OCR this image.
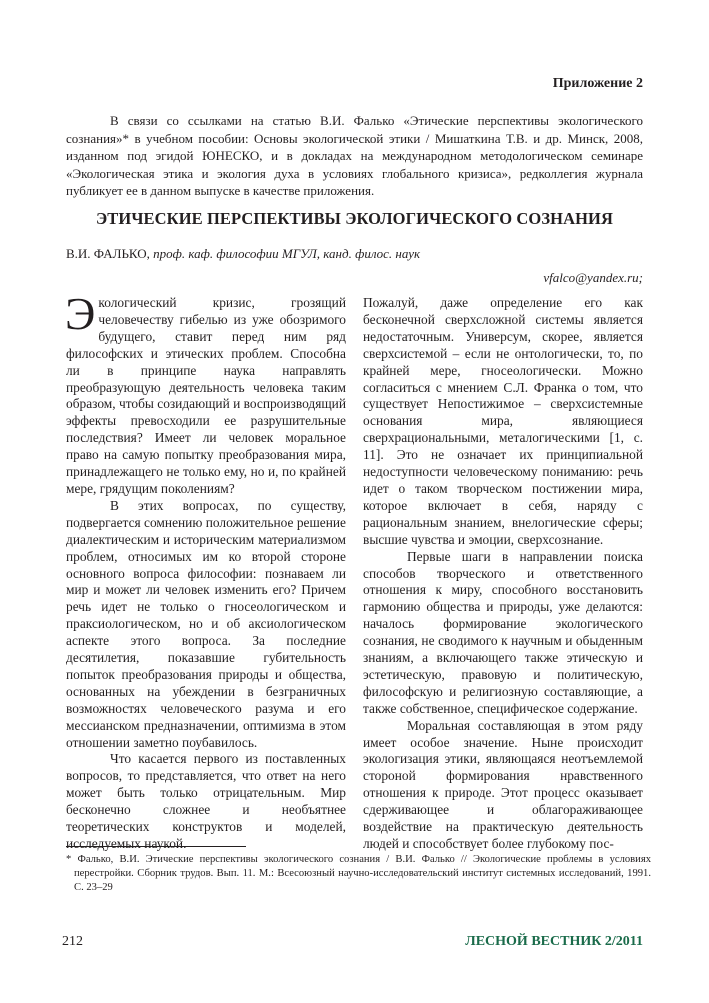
Приложение 2

В связи со ссылками на статью В.И. Фалько «Этические перспективы экологического сознания»* в учебном пособии: Основы экологической этики / Мишаткина Т.В. и др. Минск, 2008, изданном под эгидой ЮНЕСКО, и в докладах на международном методологическом семинаре «Экологическая этика и экология духа в условиях глобального кризиса», редколлегия журнала публикует ее в данном выпуске в качестве приложения.

ЭТИЧЕСКИЕ ПЕРСПЕКТИВЫ ЭКОЛОГИЧЕСКОГО СОЗНАНИЯ

В.И. ФАЛЬКО, проф. каф. философии МГУЛ, канд. филос. наук

vfalco@yandex.ru;

Экологический кризис, грозящий человечеству гибелью из уже обозримого будущего, ставит перед ним ряд философских и этических проблем. Способна ли в принципе наука направлять преобразующую деятельность человека таким образом, чтобы созидающий и воспроизводящий эффекты превосходили ее разрушительные последствия? Имеет ли человек моральное право на самую попытку преобразования мира, принадлежащего не только ему, но и, по крайней мере, грядущим поколениям?

В этих вопросах, по существу, подвергается сомнению положительное решение диалектическим и историческим материализмом проблем, относимых им ко второй стороне основного вопроса философии: познаваем ли мир и может ли человек изменить его? Причем речь идет не только о гносеологическом и праксиологическом, но и об аксиологическом аспекте этого вопроса. За последние десятилетия, показавшие губительность попыток преобразования природы и общества, основанных на убеждении в безграничных возможностях человеческого разума и его мессианском предназначении, оптимизма в этом отношении заметно поубавилось.

Что касается первого из поставленных вопросов, то представляется, что ответ на него может быть только отрицательным. Мир бесконечно сложнее и необъятнее теоретических конструктов и моделей, исследуемых наукой.

Пожалуй, даже определение его как бесконечной сверхсложной системы является недостаточным. Универсум, скорее, является сверхсистемой – если не онтологически, то, по крайней мере, гносеологически. Можно согласиться с мнением С.Л. Франка о том, что существует Непостижимое – сверхсистемные основания мира, являющиеся сверхрациональными, металогическими [1, с. 11]. Это не означает их принципиальной недоступности человеческому пониманию: речь идет о таком творческом постижении мира, которое включает в себя, наряду с рациональным знанием, внелогические сферы; высшие чувства и эмоции, сверхсознание.

Первые шаги в направлении поиска способов творческого и ответственного отношения к миру, способного восстановить гармонию общества и природы, уже делаются: началось формирование экологического сознания, не сводимого к научным и обыденным знаниям, а включающего также этическую и эстетическую, правовую и политическую, философскую и религиозную составляющие, а также собственное, специфическое содержание.

Моральная составляющая в этом ряду имеет особое значение. Ныне происходит экологизация этики, являющаяся неотъемлемой стороной формирования нравственного отношения к природе. Этот процесс оказывает сдерживающее и облагораживающее воздействие на практическую деятельность людей и способствует более глубокому пос-

* Фалько, В.И. Этические перспективы экологического сознания / В.И. Фалько // Экологические проблемы в условиях перестройки. Сборник трудов. Вып. 11. М.: Всесоюзный научно-исследовательский институт системных исследований, 1991. С. 23–29

212	ЛЕСНОЙ ВЕСТНИК 2/2011
